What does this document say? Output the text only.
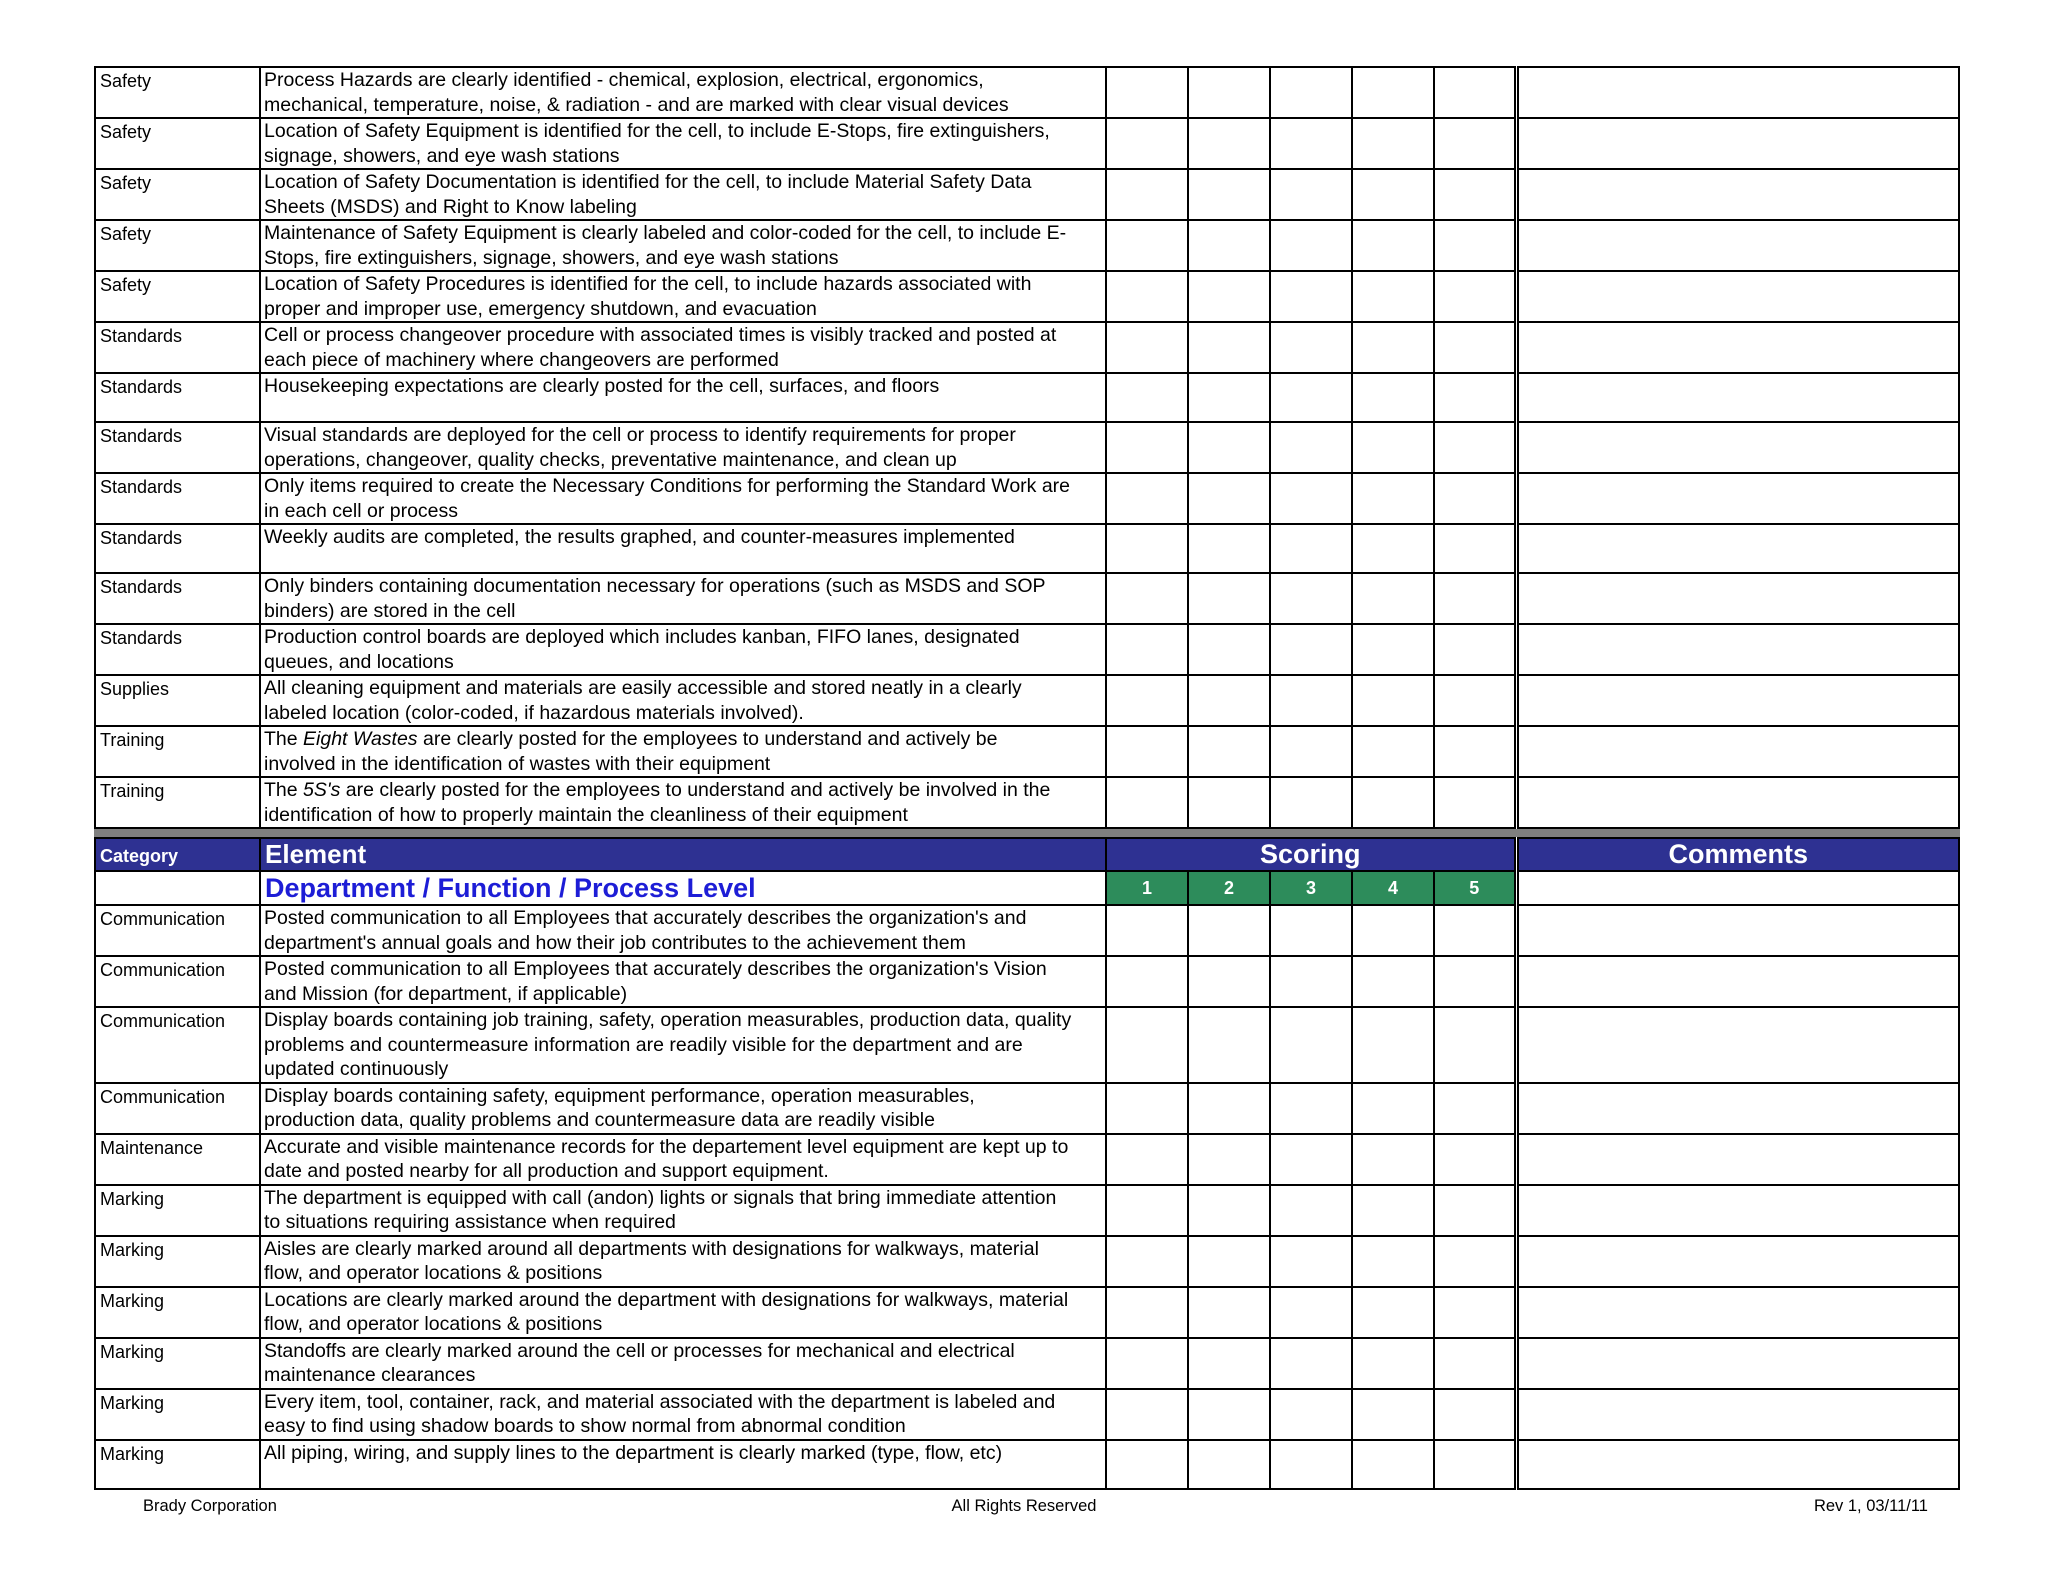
Safety	Process Hazards are clearly identified - chemical, explosion, electrical, ergonomics,
mechanical, temperature, noise, & radiation - and are marked with clear visual devices						

Safety	Location of Safety Equipment is identified for the cell, to include E-Stops, fire extinguishers,
signage, showers, and eye wash stations						

Safety	Location of Safety Documentation is identified for the cell, to include Material Safety Data
Sheets (MSDS) and Right to Know labeling						

Safety	Maintenance of Safety Equipment is clearly labeled and color-coded for the cell, to include E-
Stops, fire extinguishers, signage, showers, and eye wash stations						

Safety	Location of Safety Procedures is identified for the cell, to include hazards associated with
proper and improper use, emergency shutdown, and evacuation						

Standards	Cell or process changeover procedure with associated times is visibly tracked and posted at
each piece of machinery where changeovers are performed						

Standards	Housekeeping expectations are clearly posted for the cell, surfaces, and floors						

Standards	Visual standards are deployed for the cell or process to identify requirements for proper
operations, changeover, quality checks, preventative maintenance, and clean up						

Standards	Only items required to create the Necessary Conditions for performing the Standard Work are
in each cell or process						

Standards	Weekly audits are completed, the results graphed, and counter-measures implemented						

Standards	Only binders containing documentation necessary for operations (such as MSDS and SOP
binders) are stored in the cell						

Standards	Production control boards are deployed which includes kanban, FIFO lanes, designated
queues, and locations						

Supplies	All cleaning equipment and materials are easily accessible and stored neatly in a clearly
labeled location (color-coded, if hazardous materials involved).						

Training	The Eight Wastes are clearly posted for the employees to understand and actively be
involved in the identification of wastes with their equipment						

Training	The 5S's are clearly posted for the employees to understand and actively be involved in the
identification of how to properly maintain the cleanliness of their equipment						

Category	Element	Scoring					Comments
	Department / Function / Process Level	1	2	3	4	5	
Communication	Posted communication to all Employees that accurately describes the organization's and
department's annual goals and how their job contributes to the achievement them						

Communication	Posted communication to all Employees that accurately describes the organization's Vision
and Mission (for department, if applicable)						

Communication	Display boards containing job training, safety, operation measurables, production data, quality
problems and countermeasure information are readily visible for the department and are
updated continuously						

Communication	Display boards containing safety, equipment performance, operation measurables,
production data, quality problems and countermeasure data are readily visible						

Maintenance	Accurate and visible maintenance records for the departement level equipment are kept up to
date and posted nearby for all production and support equipment.						

Marking	The department is equipped with call (andon) lights or signals that bring immediate attention
to situations requiring assistance when required						

Marking	Aisles are clearly marked around all departments with designations for walkways, material
flow, and operator locations & positions						

Marking	Locations are clearly marked around the department with designations for walkways, material
flow, and operator locations & positions						

Marking	Standoffs are clearly marked around the cell or processes for mechanical and electrical
maintenance clearances						

Marking	Every item, tool, container, rack, and material associated with the department is labeled and
easy to find using shadow boards to show normal from abnormal condition						

Marking	All piping, wiring, and supply lines to the department is clearly marked (type, flow, etc)						

Brady Corporation	All Rights Reserved	Rev 1, 03/11/11
